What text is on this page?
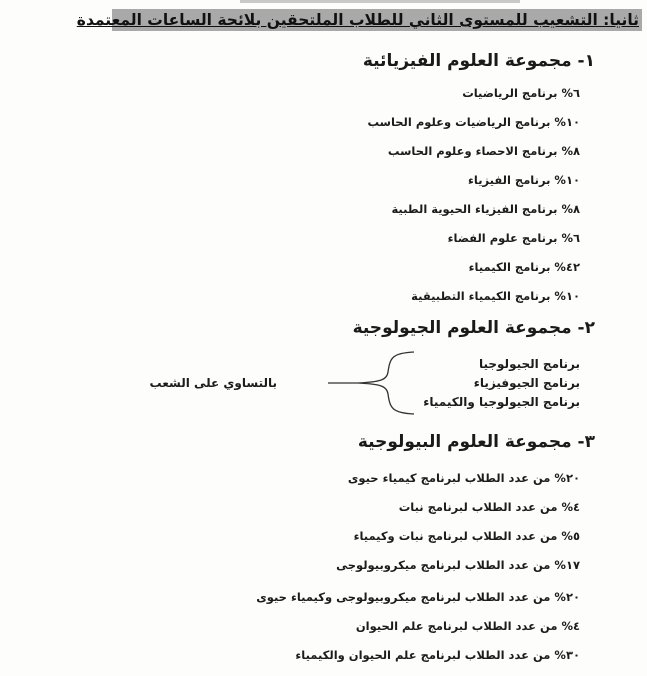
ثانيا: التشعيب للمستوى الثاني للطلاب الملتحقين بلائحة الساعات المعتمدة
١- مجموعة العلوم الفيزيائية
٦% برنامج الرياضيات
١٠% برنامج الرياضيات وعلوم الحاسب
٨% برنامج الاحصاء وعلوم الحاسب
١٠% برنامج الفيزياء
٨% برنامج الفيزياء الحيوية الطبية
٦% برنامج علوم الفضاء
٤٢% برنامج الكيمياء
١٠% برنامج الكيمياء التطبيقية
٢- مجموعة العلوم الجيولوجية
برنامج الجيولوجيا
برنامج الجيوفيزياء
برنامج الجيولوجيا والكيمياء
بالتساوي على الشعب
٣- مجموعة العلوم البيولوجية
٢٠% من عدد الطلاب لبرنامج كيمياء حيوى
٤% من عدد الطلاب لبرنامج نبات
٥% من عدد الطلاب لبرنامج نبات وكيمياء
١٧% من عدد الطلاب لبرنامج ميكروبيولوجى
٢٠% من عدد الطلاب لبرنامج ميكروبيولوجى وكيمياء حيوى
٤% من عدد الطلاب لبرنامج علم الحيوان
٣٠% من عدد الطلاب لبرنامج علم الحيوان والكيمياء
